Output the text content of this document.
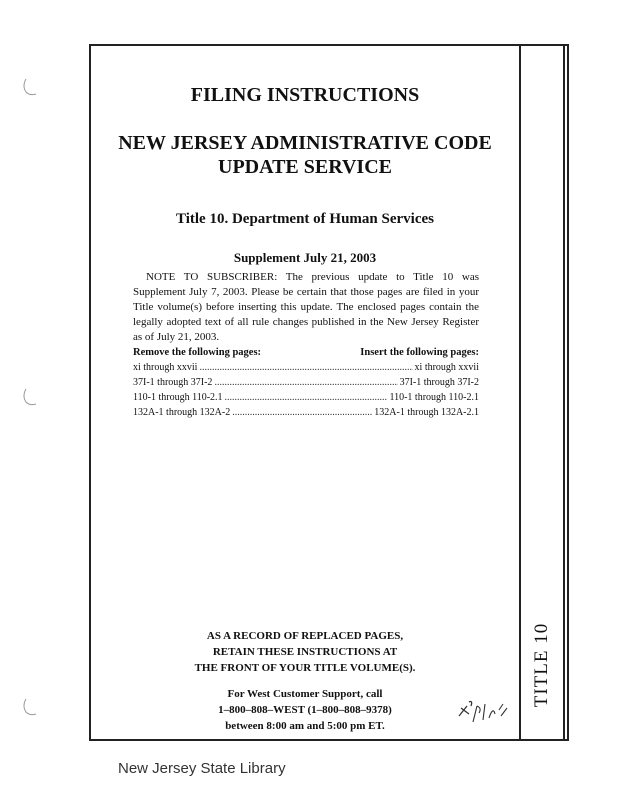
TITLE 10
FILING INSTRUCTIONS
NEW JERSEY ADMINISTRATIVE CODE
UPDATE SERVICE
Title 10. Department of Human Services
Supplement July 21, 2003
NOTE TO SUBSCRIBER: The previous update to Title 10 was Supplement July 7, 2003. Please be certain that those pages are filed in your Title volume(s) before inserting this update. The enclosed pages contain the legally adopted text of all rule changes published in the New Jersey Register as of July 21, 2003.
Remove the following pages:	Insert the following pages:
xi through xxvii .....	xi through xxvii
37I-1 through 37I-2 .....	37I-1 through 37I-2
110-1 through 110-2.1 .....	110-1 through 110-2.1
132A-1 through 132A-2 .....	132A-1 through 132A-2.1
AS A RECORD OF REPLACED PAGES,
RETAIN THESE INSTRUCTIONS AT
THE FRONT OF YOUR TITLE VOLUME(S).
For West Customer Support, call
1–800–808–WEST (1–800–808–9378)
between 8:00 am and 5:00 pm ET.
New Jersey State Library
